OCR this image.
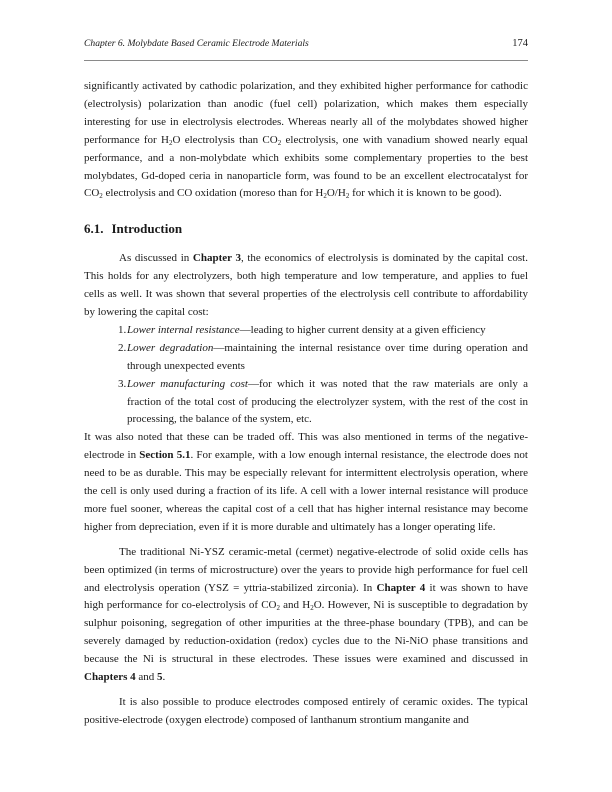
Chapter 6. Molybdate Based Ceramic Electrode Materials	174

significantly activated by cathodic polarization, and they exhibited higher performance for cathodic (electrolysis) polarization than anodic (fuel cell) polarization, which makes them especially interesting for use in electrolysis electrodes. Whereas nearly all of the molybdates showed higher performance for $H_2O$ electrolysis than $CO_2$ electrolysis, one with vanadium showed nearly equal performance, and a non-molybdate which exhibits some complementary properties to the best molybdates, Gd-doped ceria in nanoparticle form, was found to be an excellent electrocatalyst for $CO_2$ electrolysis and CO oxidation (moreso than for $H_2O/H_2$ for which it is known to be good).

6.1. Introduction

As discussed in Chapter 3, the economics of electrolysis is dominated by the capital cost. This holds for any electrolyzers, both high temperature and low temperature, and applies to fuel cells as well. It was shown that several properties of the electrolysis cell contribute to affordability by lowering the capital cost:

1. Lower internal resistance—leading to higher current density at a given efficiency
2. Lower degradation—maintaining the internal resistance over time during operation and through unexpected events
3. Lower manufacturing cost—for which it was noted that the raw materials are only a fraction of the total cost of producing the electrolyzer system, with the rest of the cost in processing, the balance of the system, etc.

It was also noted that these can be traded off. This was also mentioned in terms of the negative-electrode in Section 5.1. For example, with a low enough internal resistance, the electrode does not need to be as durable. This may be especially relevant for intermittent electrolysis operation, where the cell is only used during a fraction of its life. A cell with a lower internal resistance will produce more fuel sooner, whereas the capital cost of a cell that has higher internal resistance may become higher from depreciation, even if it is more durable and ultimately has a longer operating life.

The traditional Ni-YSZ ceramic-metal (cermet) negative-electrode of solid oxide cells has been optimized (in terms of microstructure) over the years to provide high performance for fuel cell and electrolysis operation (YSZ = yttria-stabilized zirconia). In Chapter 4 it was shown to have high performance for co-electrolysis of $CO_2$ and $H_2O$. However, Ni is susceptible to degradation by sulphur poisoning, segregation of other impurities at the three-phase boundary (TPB), and can be severely damaged by reduction-oxidation (redox) cycles due to the Ni-NiO phase transitions and because the Ni is structural in these electrodes. These issues were examined and discussed in Chapters 4 and 5.

It is also possible to produce electrodes composed entirely of ceramic oxides. The typical positive-electrode (oxygen electrode) composed of lanthanum strontium manganite and
